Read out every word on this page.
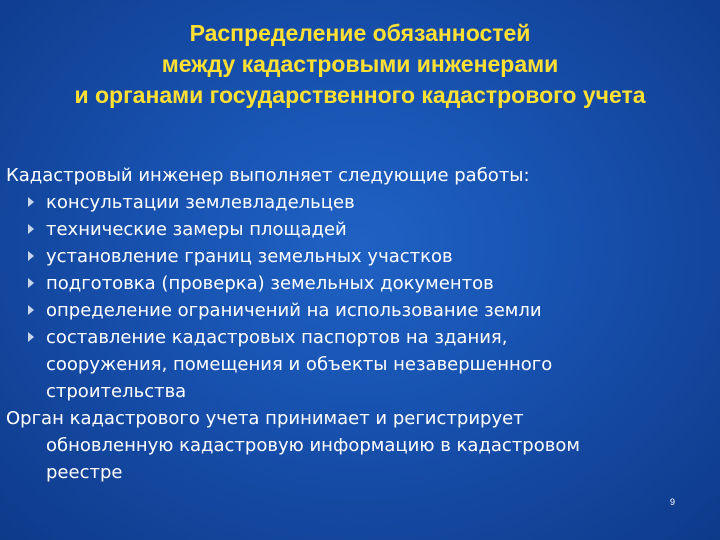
Распределение обязанностей
между кадастровыми инженерами
и органами государственного кадастрового учета
Кадастровый инженер выполняет следующие работы:
консультации землевладельцев
технические замеры площадей
установление границ земельных участков
подготовка (проверка) земельных документов
определение ограничений на использование земли
составление кадастровых паспортов на здания,
сооружения, помещения и объекты незавершенного
строительства
Орган кадастрового учета принимает и регистрирует
обновленную кадастровую информацию в кадастровом
реестре
9
